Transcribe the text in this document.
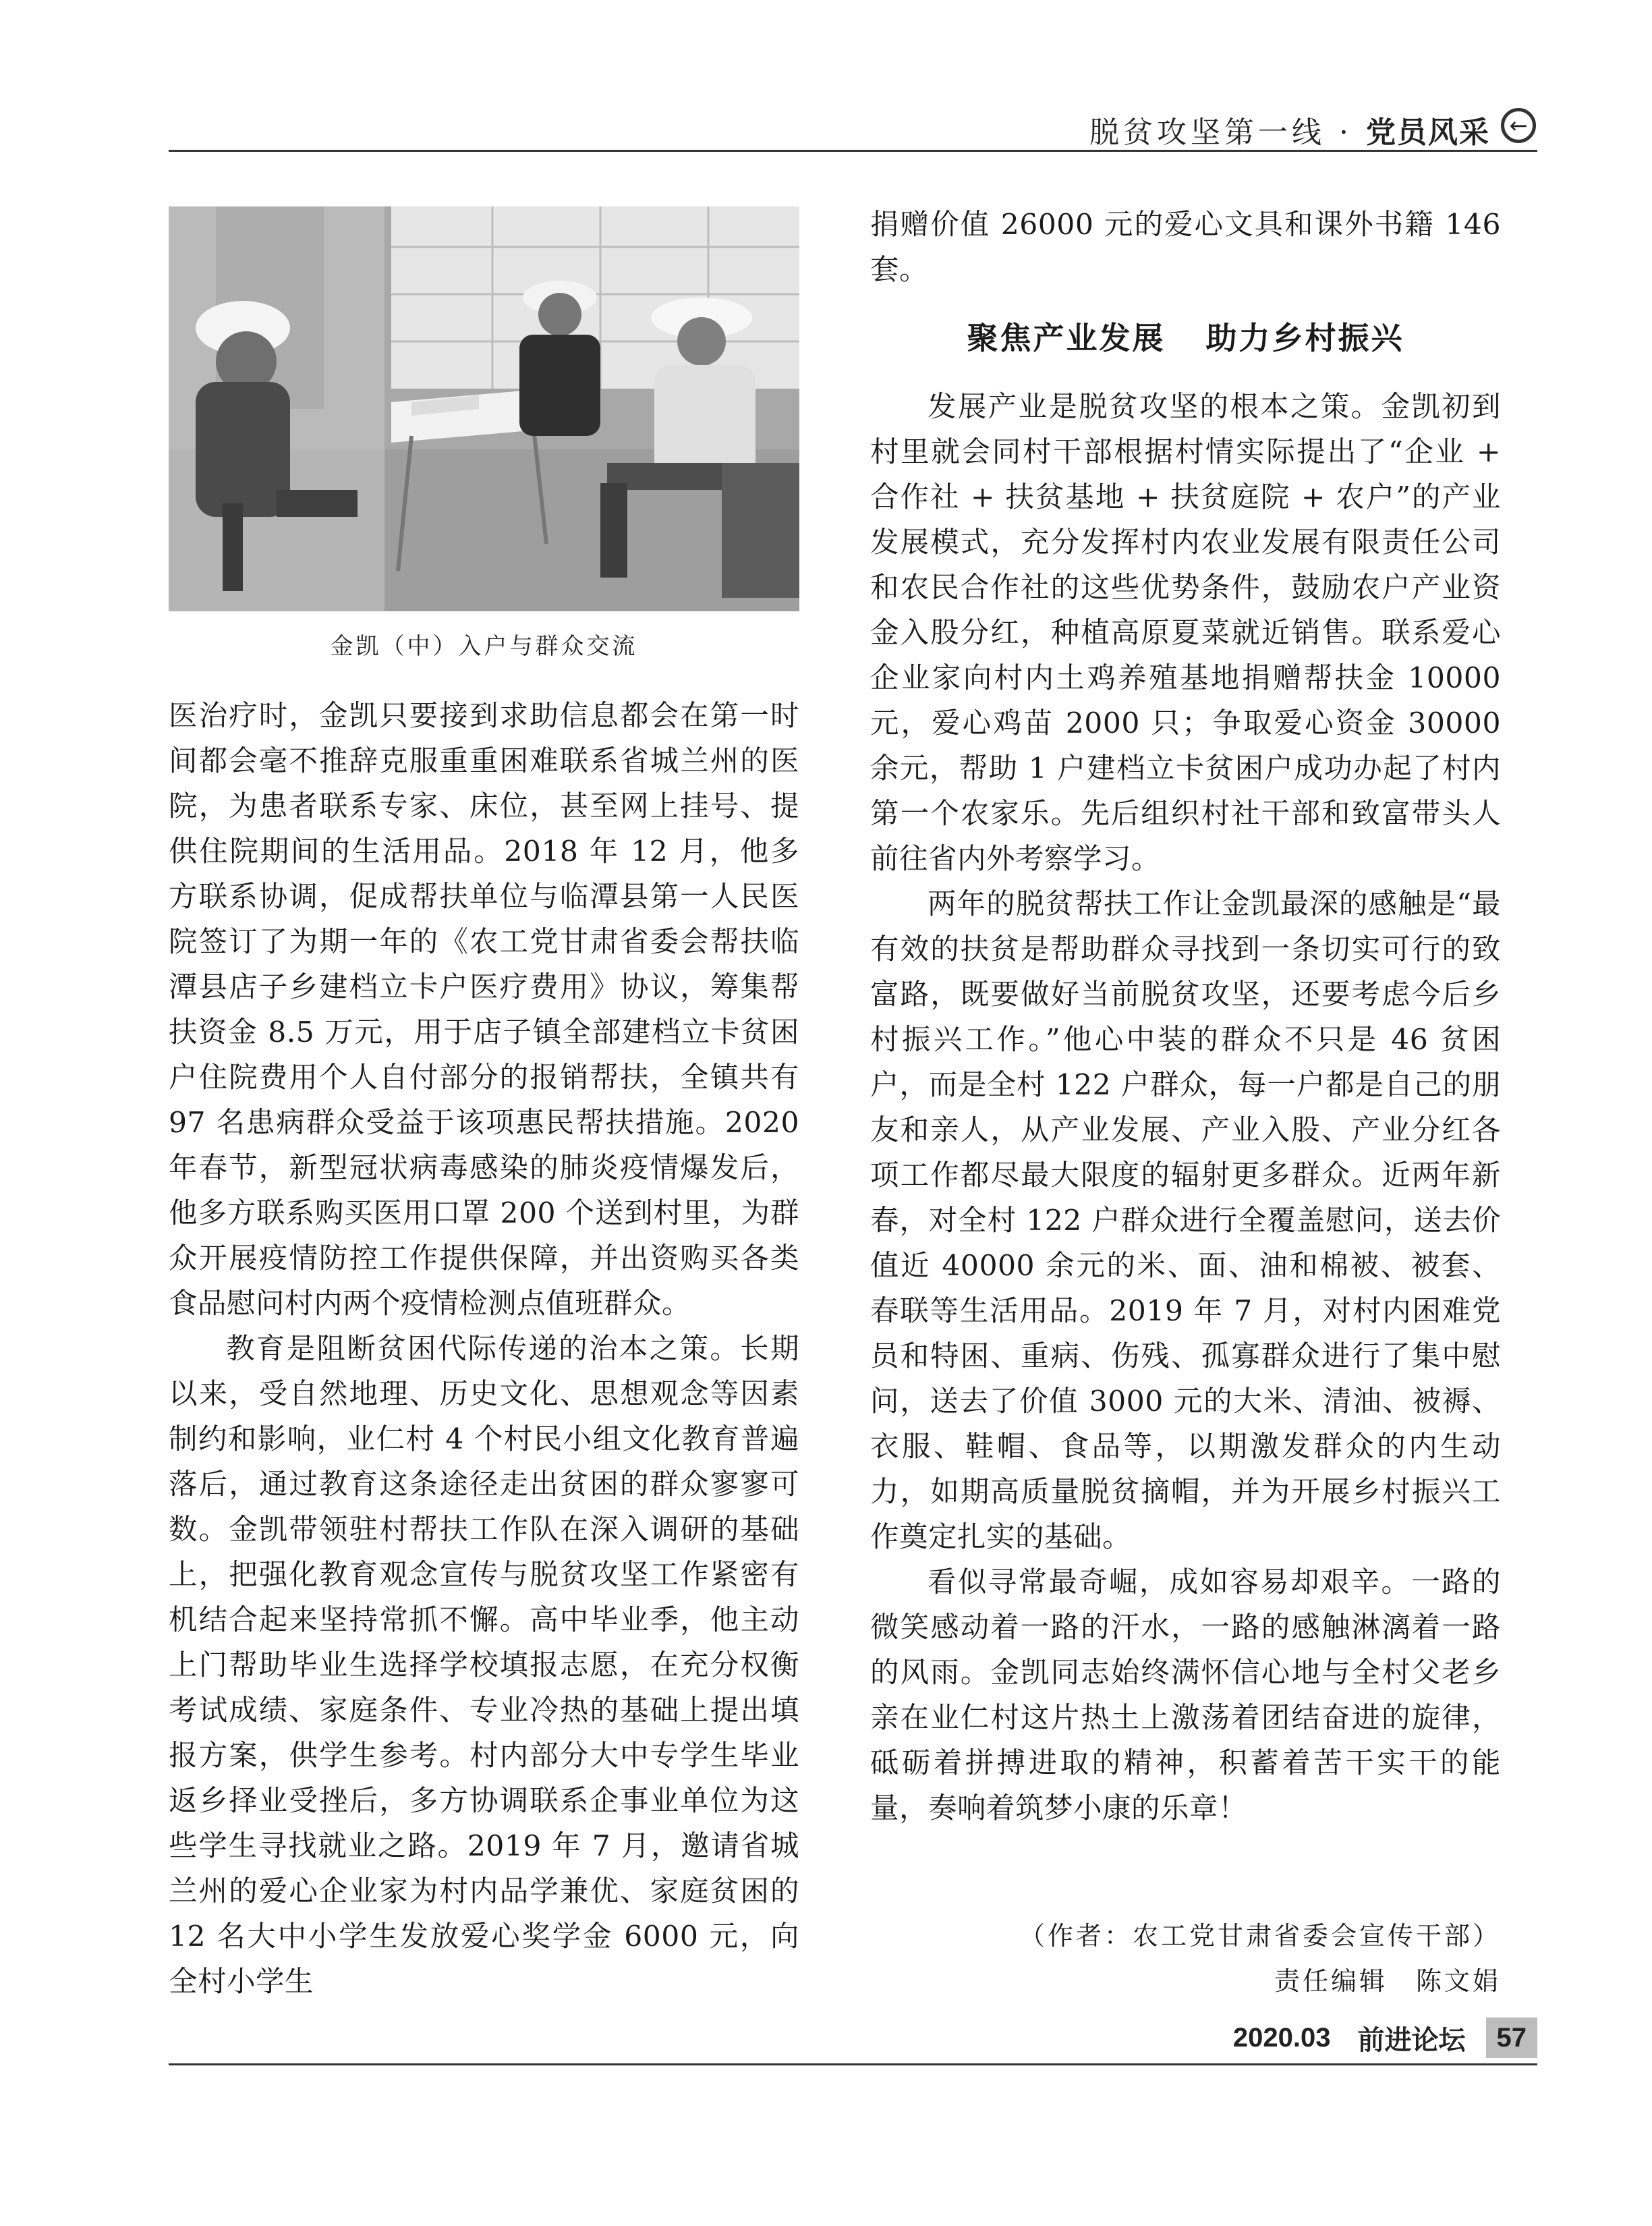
脱贫攻坚第一线 · 党员风采 ←
金凯（中）入户与群众交流

医治疗时，金凯只要接到求助信息都会在第一时间都会毫不推辞克服重重困难联系省城兰州的医院，为患者联系专家、床位，甚至网上挂号、提供住院期间的生活用品。2018 年 12 月，他多方联系协调，促成帮扶单位与临潭县第一人民医院签订了为期一年的《农工党甘肃省委会帮扶临潭县店子乡建档立卡户医疗费用》协议，筹集帮扶资金 8.5 万元，用于店子镇全部建档立卡贫困户住院费用个人自付部分的报销帮扶，全镇共有 97 名患病群众受益于该项惠民帮扶措施。2020 年春节，新型冠状病毒感染的肺炎疫情爆发后，他多方联系购买医用口罩 200 个送到村里，为群众开展疫情防控工作提供保障，并出资购买各类食品慰问村内两个疫情检测点值班群众。

教育是阻断贫困代际传递的治本之策。长期以来，受自然地理、历史文化、思想观念等因素制约和影响，业仁村 4 个村民小组文化教育普遍落后，通过教育这条途径走出贫困的群众寥寥可数。金凯带领驻村帮扶工作队在深入调研的基础上，把强化教育观念宣传与脱贫攻坚工作紧密有机结合起来坚持常抓不懈。高中毕业季，他主动上门帮助毕业生选择学校填报志愿，在充分权衡考试成绩、家庭条件、专业冷热的基础上提出填报方案，供学生参考。村内部分大中专学生毕业返乡择业受挫后，多方协调联系企事业单位为这些学生寻找就业之路。2019 年 7 月，邀请省城兰州的爱心企业家为村内品学兼优、家庭贫困的 12 名大中小学生发放爱心奖学金 6000 元，向全村小学生

捐赠价值 26000 元的爱心文具和课外书籍 146 套。

聚焦产业发展 助力乡村振兴

发展产业是脱贫攻坚的根本之策。金凯初到村里就会同村干部根据村情实际提出了“企业 + 合作社 + 扶贫基地 + 扶贫庭院 + 农户”的产业发展模式，充分发挥村内农业发展有限责任公司和农民合作社的这些优势条件，鼓励农户产业资金入股分红，种植高原夏菜就近销售。联系爱心企业家向村内土鸡养殖基地捐赠帮扶金 10000 元，爱心鸡苗 2000 只；争取爱心资金 30000 余元，帮助 1 户建档立卡贫困户成功办起了村内第一个农家乐。先后组织村社干部和致富带头人前往省内外考察学习。

两年的脱贫帮扶工作让金凯最深的感触是“最有效的扶贫是帮助群众寻找到一条切实可行的致富路，既要做好当前脱贫攻坚，还要考虑今后乡村振兴工作。”他心中装的群众不只是 46 贫困户，而是全村 122 户群众，每一户都是自己的朋友和亲人，从产业发展、产业入股、产业分红各项工作都尽最大限度的辐射更多群众。近两年新春，对全村 122 户群众进行全覆盖慰问，送去价值近 40000 余元的米、面、油和棉被、被套、春联等生活用品。2019 年 7 月，对村内困难党员和特困、重病、伤残、孤寡群众进行了集中慰问，送去了价值 3000 元的大米、清油、被褥、衣服、鞋帽、食品等，以期激发群众的内生动力，如期高质量脱贫摘帽，并为开展乡村振兴工作奠定扎实的基础。

看似寻常最奇崛，成如容易却艰辛。一路的微笑感动着一路的汗水，一路的感触淋漓着一路的风雨。金凯同志始终满怀信心地与全村父老乡亲在业仁村这片热土上激荡着团结奋进的旋律，砥砺着拼搏进取的精神，积蓄着苦干实干的能量，奏响着筑梦小康的乐章！

（作者：农工党甘肃省委会宣传干部）
责任编辑　陈文娟
2020.03 前进论坛	57
